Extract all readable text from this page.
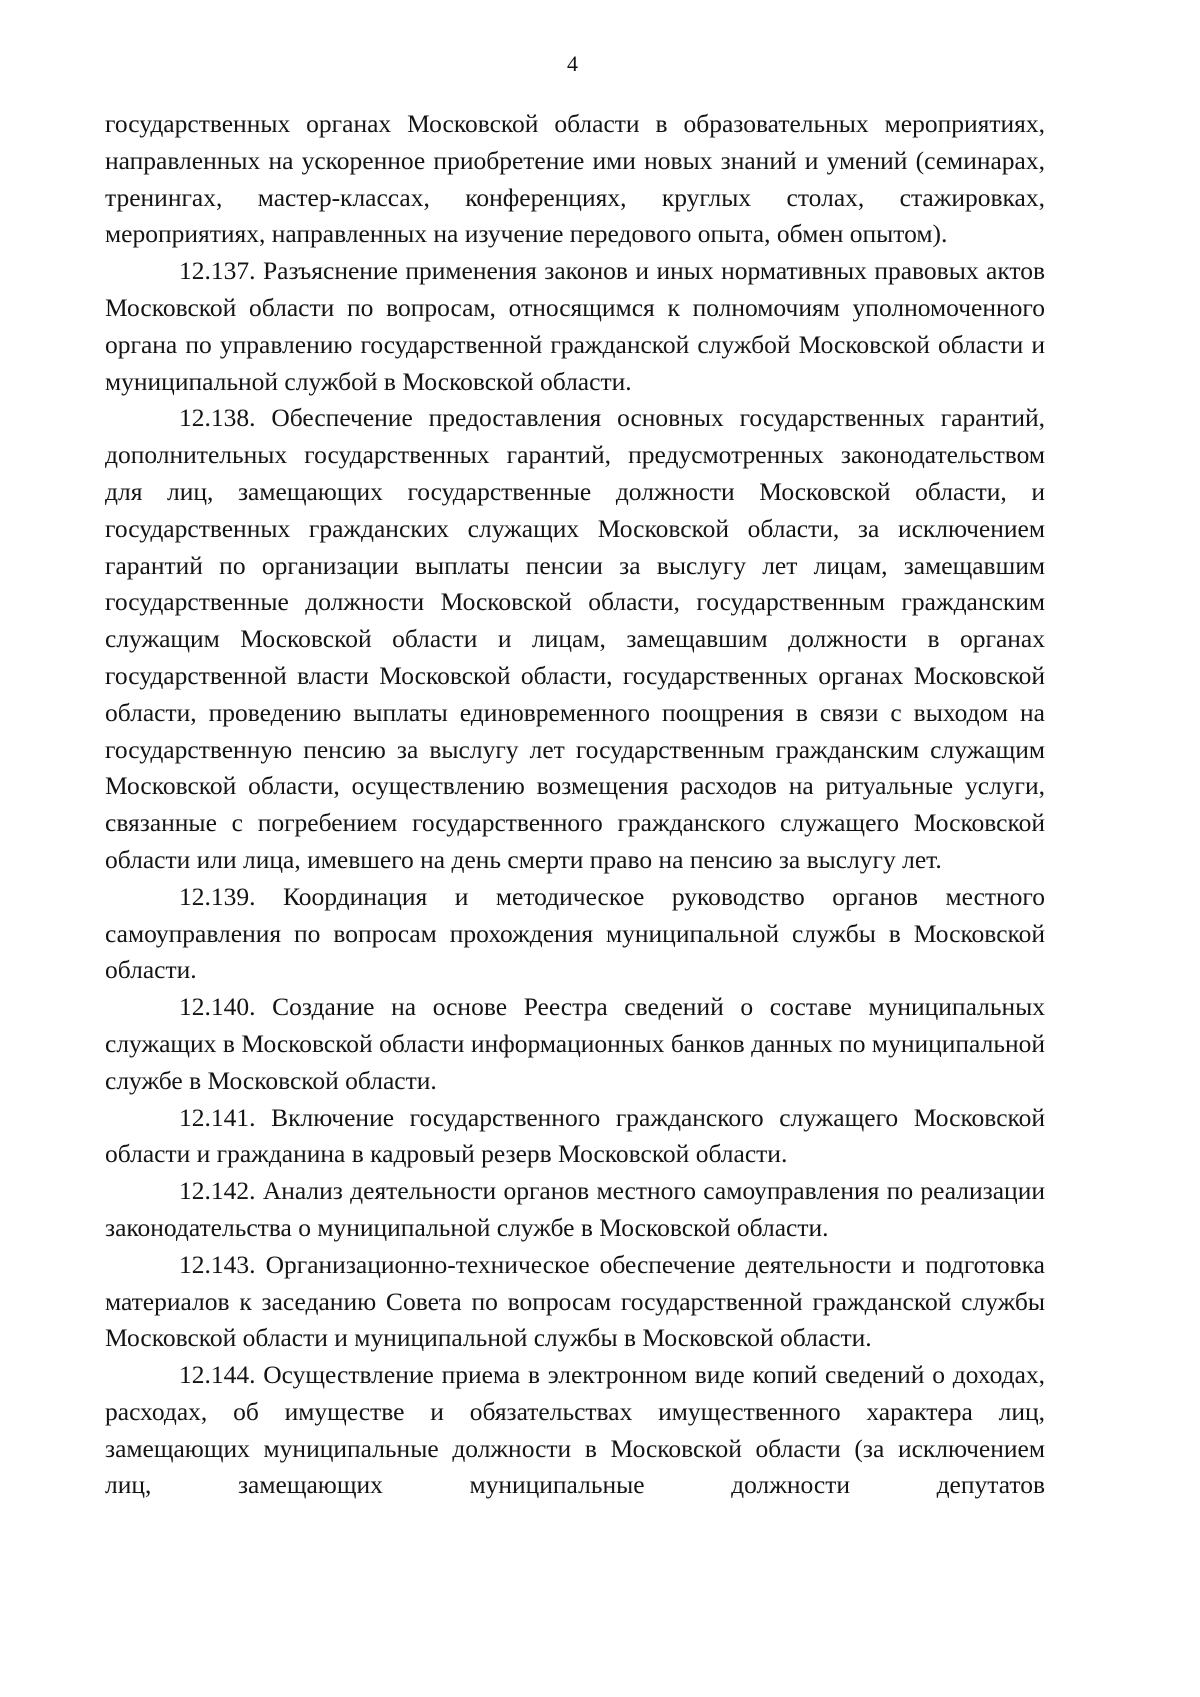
4

государственных органах Московской области в образовательных мероприятиях, направленных на ускоренное приобретение ими новых знаний и умений (семинарах, тренингах, мастер-классах, конференциях, круглых столах, стажировках, мероприятиях, направленных на изучение передового опыта, обмен опытом).

12.137. Разъяснение применения законов и иных нормативных правовых актов Московской области по вопросам, относящимся к полномочиям уполномоченного органа по управлению государственной гражданской службой Московской области и муниципальной службой в Московской области.

12.138. Обеспечение предоставления основных государственных гарантий, дополнительных государственных гарантий, предусмотренных законодательством для лиц, замещающих государственные должности Московской области, и государственных гражданских служащих Московской области, за исключением гарантий по организации выплаты пенсии за выслугу лет лицам, замещавшим государственные должности Московской области, государственным гражданским служащим Московской области и лицам, замещавшим должности в органах государственной власти Московской области, государственных органах Московской области, проведению выплаты единовременного поощрения в связи с выходом на государственную пенсию за выслугу лет государственным гражданским служащим Московской области, осуществлению возмещения расходов на ритуальные услуги, связанные с погребением государственного гражданского служащего Московской области или лица, имевшего на день смерти право на пенсию за выслугу лет.

12.139. Координация и методическое руководство органов местного самоуправления по вопросам прохождения муниципальной службы в Московской области.

12.140. Создание на основе Реестра сведений о составе муниципальных служащих в Московской области информационных банков данных по муниципальной службе в Московской области.

12.141. Включение государственного гражданского служащего Московской области и гражданина в кадровый резерв Московской области.

12.142. Анализ деятельности органов местного самоуправления по реализации законодательства о муниципальной службе в Московской области.

12.143. Организационно-техническое обеспечение деятельности и подготовка материалов к заседанию Совета по вопросам государственной гражданской службы Московской области и муниципальной службы в Московской области.

12.144. Осуществление приема в электронном виде копий сведений о доходах, расходах, об имуществе и обязательствах имущественного характера лиц, замещающих муниципальные должности в Московской области (за исключением лиц, замещающих муниципальные должности депутатов
